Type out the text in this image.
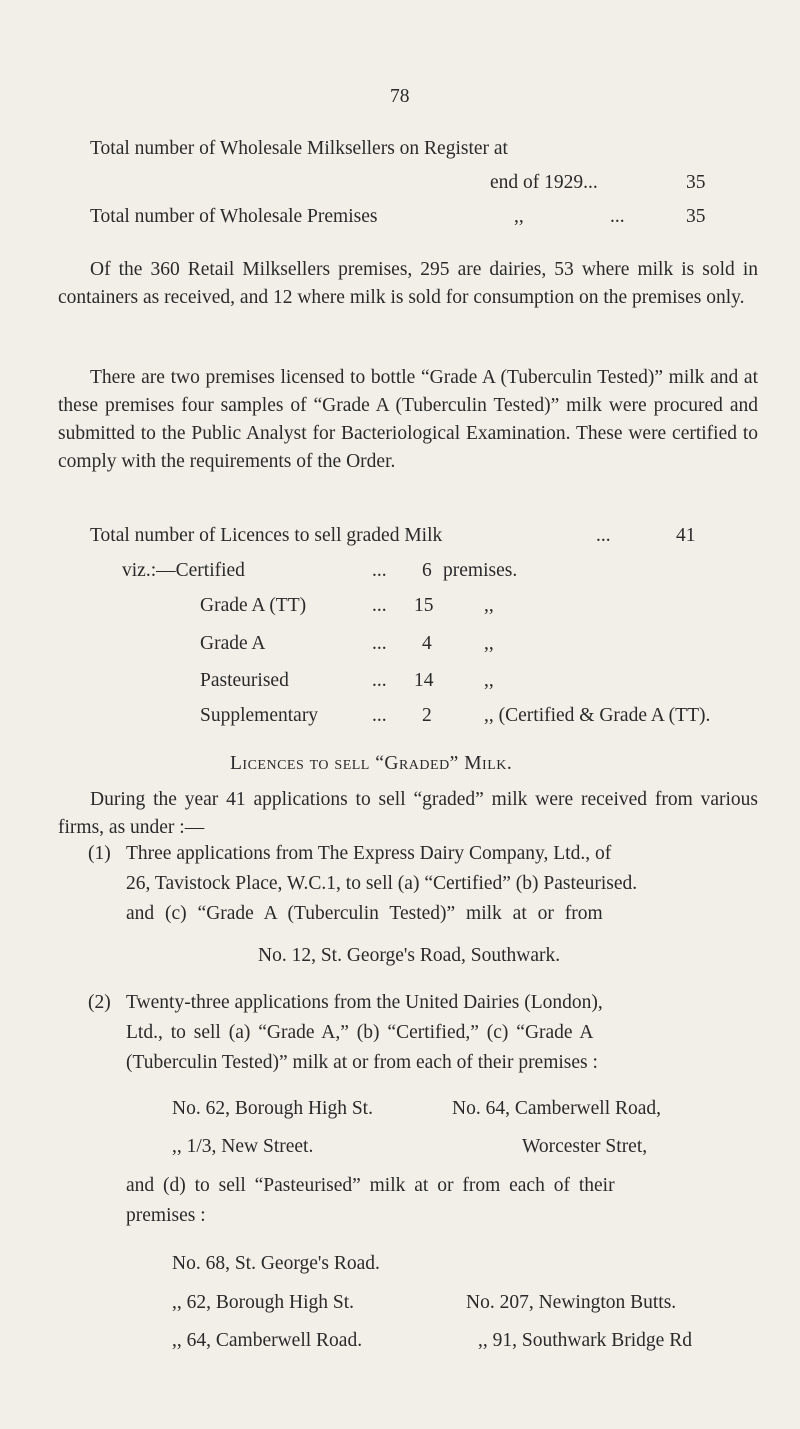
78
Total number of Wholesale Milksellers on Register at
end of 1929...	35
Total number of Wholesale Premises	,,	...	35
Of the 360 Retail Milksellers premises, 295 are dairies, 53 where milk is sold in containers as received, and 12 where milk is sold for consumption on the premises only.
There are two premises licensed to bottle “Grade A (Tuberculin Tested)” milk and at these premises four samples of “Grade A (Tuberculin Tested)” milk were procured and submitted to the Public Analyst for Bacteriological Examination. These were certified to comply with the requirements of the Order.
Total number of Licences to sell graded Milk	...	41
viz.:—Certified	... 6 premises.
Grade A (TT)	... 15	,,
Grade A	... 4	,,
Pasteurised	... 14	,,
Supplementary	... 2	,, (Certified & Grade A (TT).
Licences to sell “Graded” Milk.
During the year 41 applications to sell “graded” milk were received from various firms, as under :—
(1) Three applications from The Express Dairy Company, Ltd., of
26, Tavistock Place, W.C.1, to sell (a) “Certified” (b) Pasteurised.
and (c) “Grade A (Tuberculin Tested)” milk at or from
No. 12, St. George's Road, Southwark.
(2) Twenty-three applications from the United Dairies (London),
Ltd., to sell (a) “Grade A,” (b) “Certified,” (c) “Grade A
(Tuberculin Tested)” milk at or from each of their premises :
No. 62, Borough High St.	No. 64, Camberwell Road,
,, 1/3, New Street.	Worcester Stret,
and (d) to sell “Pasteurised” milk at or from each of their
premises :
No. 68, St. George's Road.
,, 62, Borough High St.	No. 207, Newington Butts.
,, 64, Camberwell Road.	,, 91, Southwark Bridge Rd
